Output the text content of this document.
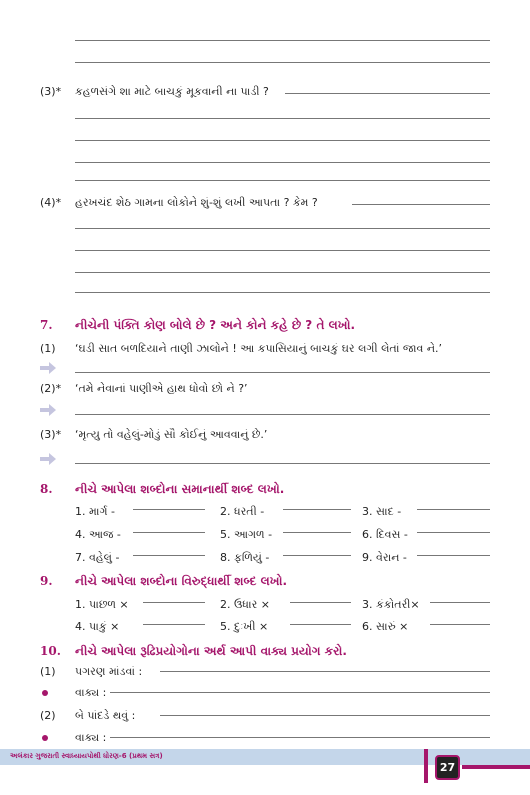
(3)* કહળસંગે શા માટે બાચકું મૂકવાની ના પાડી ?
(4)* હરખચંદ શેઠ ગામના લોકોને શું-શું લખી આપતા ? કેમ ?
7. નીચેની પંક્તિ કોણ બોલે છે ? અને કોને કહે છે ? તે લખો.
(1) ‘ઘડી સાત બળદિયાને તાણી ઝાલોને ! આ કપાસિયાનું બાચકું ઘર લગી લેતાં જાવ ને.’
(2)* ‘તમે નેવાનાં પાણીએ હાથ ધોવો છો ને ?’
(3)* ‘મૃત્યુ તો વહેલું-મોડું સૌ કોઈનું આવવાનું છે.’
8. નીચે આપેલા શબ્દોના સમાનાર્થી શબ્દ લખો.
1. માર્ગ -	2. ધરતી -	3. સાદ -
4. આજ -	5. આગળ -	6. દિવસ -
7. વહેલું -	8. ફળિયું -	9. વેરાન -
9. નીચે આપેલા શબ્દોના વિરુદ્ધાર્થી શબ્દ લખો.
1. પાછળ ×	2. ઉધાર ×	3. કંકોતરી×
4. પાકું ×	5. દુઃખી ×	6. સારું ×
10. નીચે આપેલા રૂઢિપ્રયોગોના અર્થ આપી વાક્ય પ્રયોગ કરો.
(1) પગરણ માંડવાં :
વાક્ય :
(2) બે પાંદડે થવું :
વાક્ય :
અલંકાર ગુજરાતી સ્વાધ્યાયપોથી ધોરણ-6 (પ્રથમ સત્ર)
27
